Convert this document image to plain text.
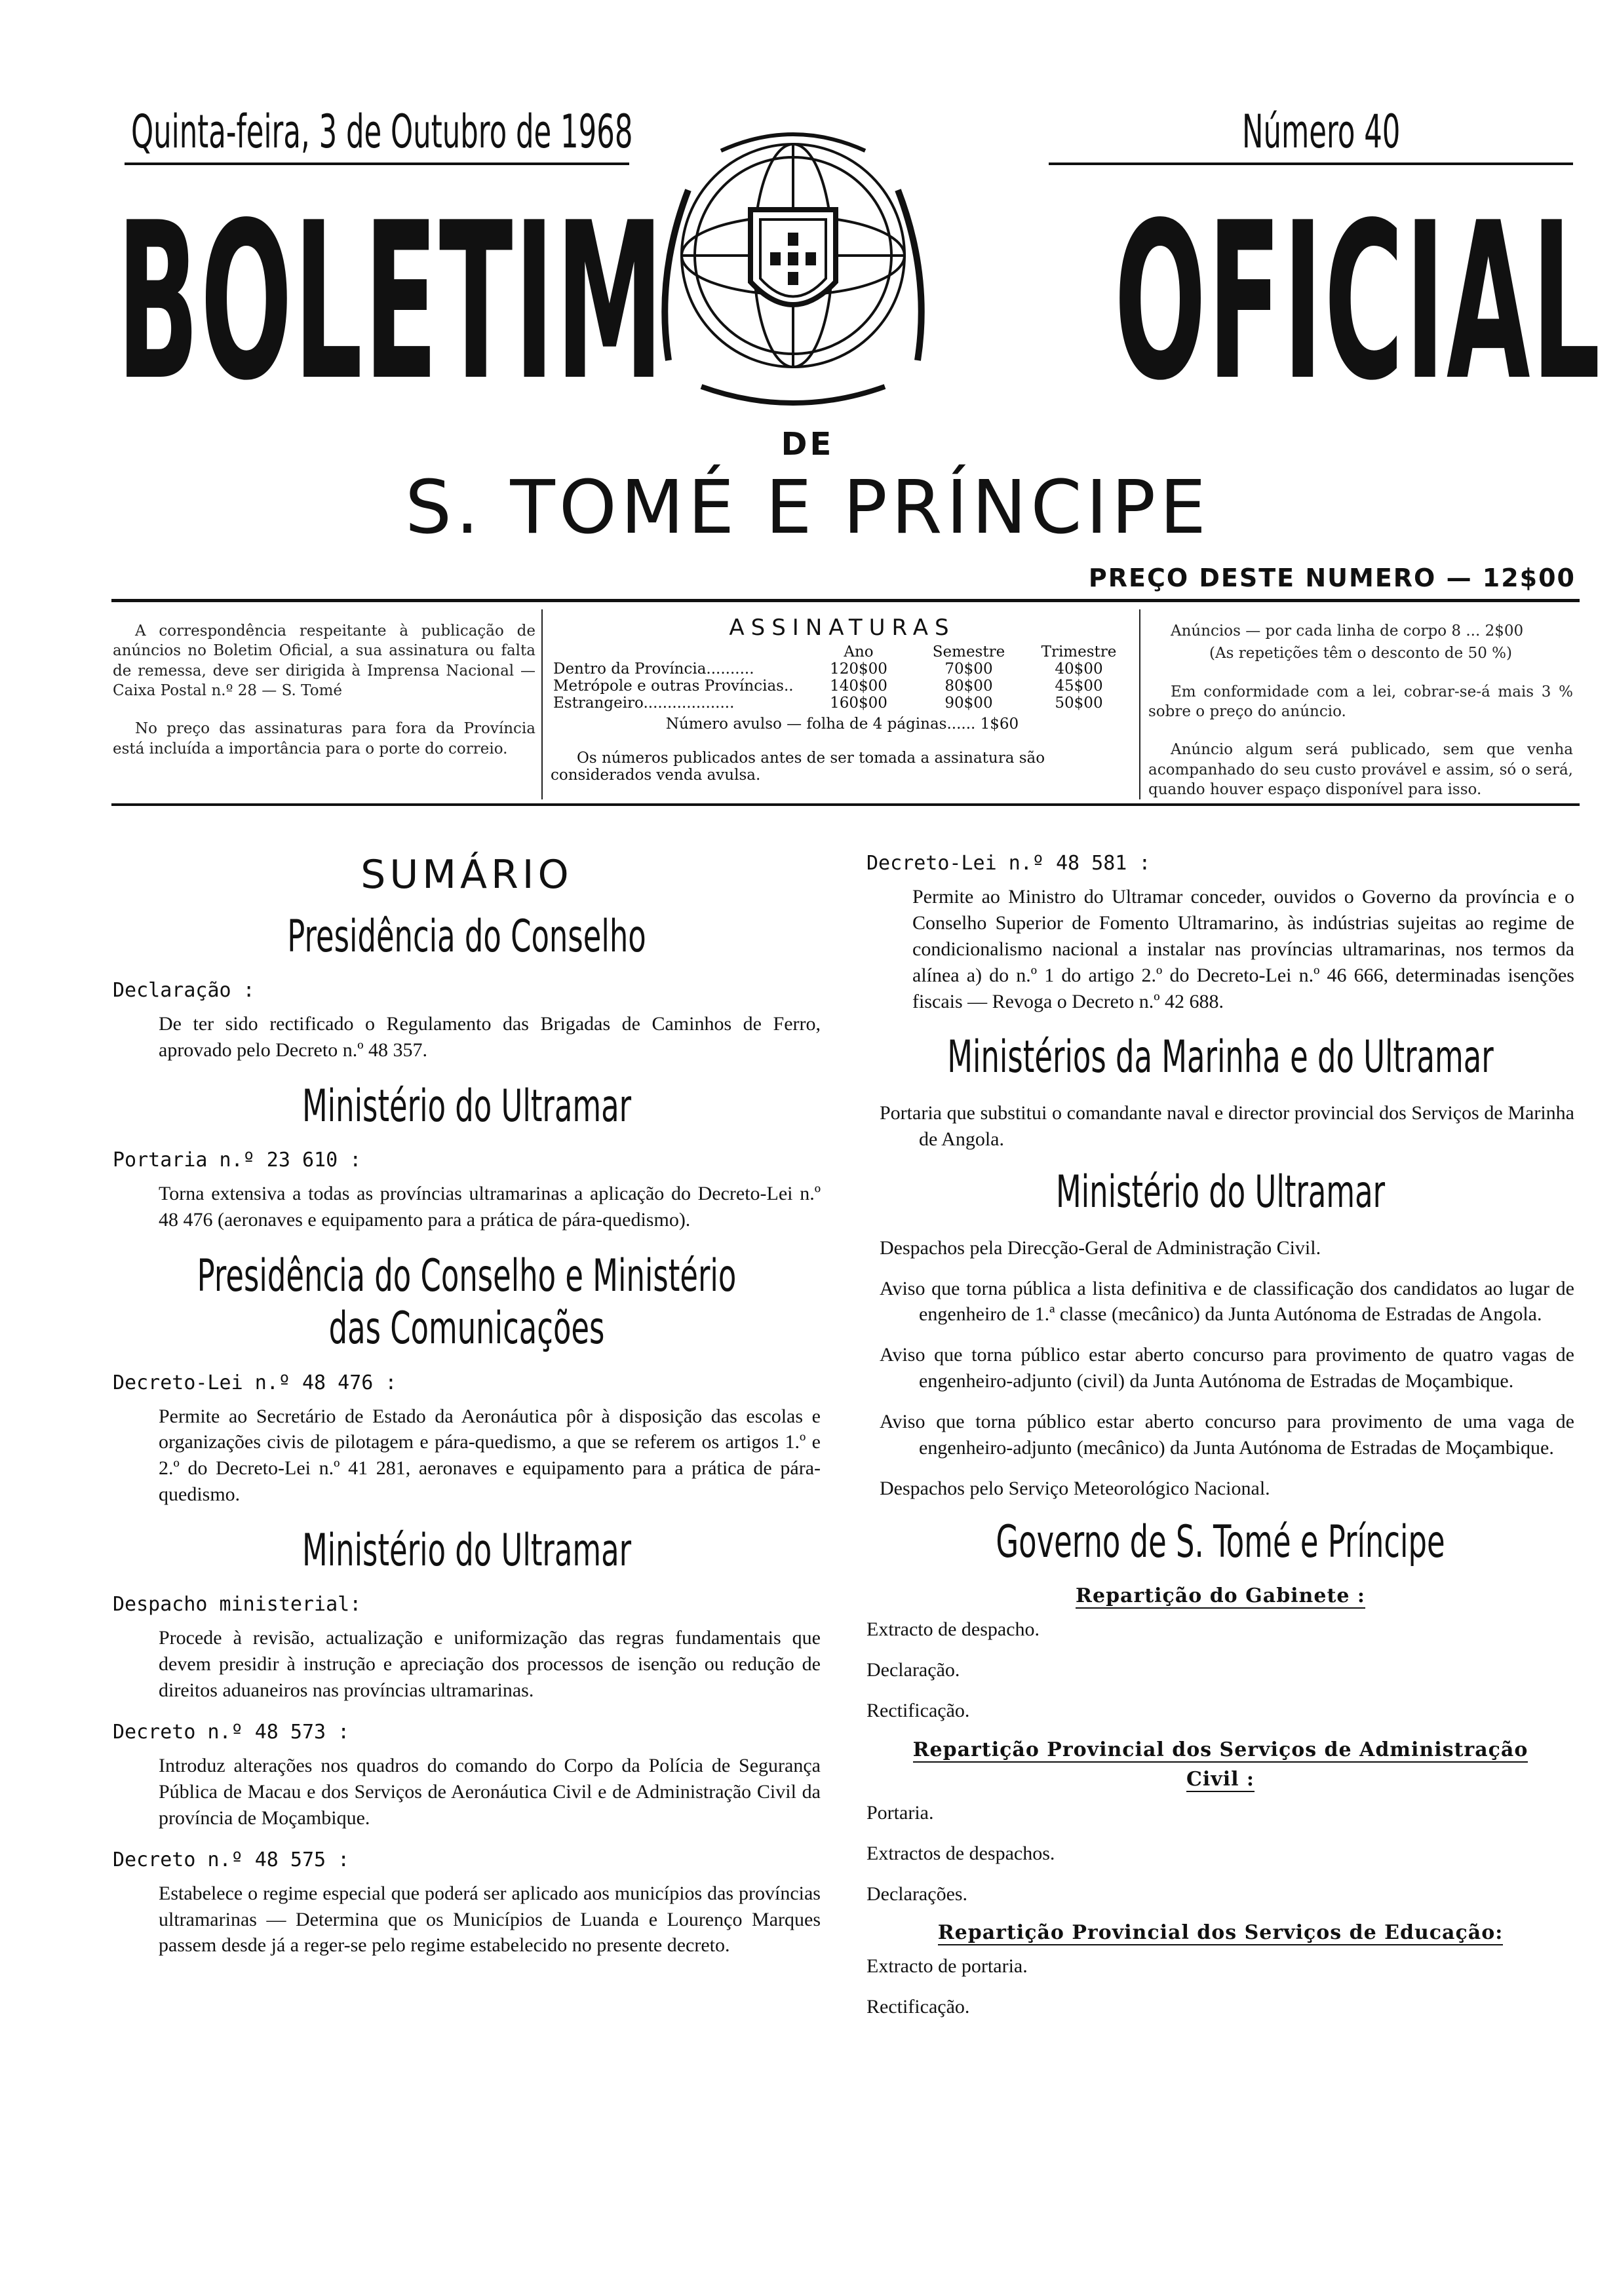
Quinta-feira, 3 de Outubro de 1968	Número 40
BOLETIM OFICIAL
DE
S. TOMÉ E PRÍNCIPE
PREÇO DESTE NUMERO — 12$00

A correspondência respeitante à publicação de anúncios no Boletim Oficial, a sua assinatura ou falta de remessa, deve ser dirigida à Imprensa Nacional — Caixa Postal n.º 28 — S. Tomé

No preço das assinaturas para fora da Província está incluída a importância para o porte do correio.

ASSINATURAS
	Ano	Semestre	Trimestre
Dentro da Província..........	120$00	70$00	40$00
Metrópole e outras Províncias..	140$00	80$00	45$00
Estrangeiro...................	160$00	90$00	50$00
Número avulso — folha de 4 páginas...... 1$60
Os números publicados antes de ser tomada a assinatura são considerados venda avulsa.

Anúncios — por cada linha de corpo 8 ... 2$00

(As repetições têm o desconto de 50 %)

Em conformidade com a lei, cobrar-se-á mais 3 % sobre o preço do anúncio.

Anúncio algum será publicado, sem que venha acompanhado do seu custo provável e assim, só o será, quando houver espaço disponível para isso.

SUMÁRIO
Presidência do Conselho
Declaração :
De ter sido rectificado o Regulamento das Brigadas de Caminhos de Ferro, aprovado pelo Decreto n.º 48 357.
Ministério do Ultramar
Portaria n.º 23 610 :
Torna extensiva a todas as províncias ultramarinas a aplicação do Decreto-Lei n.º 48 476 (aeronaves e equipamento para a prática de pára-quedismo).
Presidência do Conselho e Ministério
das Comunicações
Decreto-Lei n.º 48 476 :
Permite ao Secretário de Estado da Aeronáutica pôr à disposição das escolas e organizações civis de pilotagem e pára-quedismo, a que se referem os artigos 1.º e 2.º do Decreto-Lei n.º 41 281, aeronaves e equipamento para a prática de pára-quedismo.
Ministério do Ultramar
Despacho ministerial:
Procede à revisão, actualização e uniformização das regras fundamentais que devem presidir à instrução e apreciação dos processos de isenção ou redução de direitos aduaneiros nas províncias ultramarinas.
Decreto n.º 48 573 :
Introduz alterações nos quadros do comando do Corpo da Polícia de Segurança Pública de Macau e dos Serviços de Aeronáutica Civil e de Administração Civil da província de Moçambique.
Decreto n.º 48 575 :
Estabelece o regime especial que poderá ser aplicado aos municípios das províncias ultramarinas — Determina que os Municípios de Luanda e Lourenço Marques passem desde já a reger-se pelo regime estabelecido no presente decreto.
Decreto-Lei n.º 48 581 :
Permite ao Ministro do Ultramar conceder, ouvidos o Governo da província e o Conselho Superior de Fomento Ultramarino, às indústrias sujeitas ao regime de condicionalismo nacional a instalar nas províncias ultramarinas, nos termos da alínea a) do n.º 1 do artigo 2.º do Decreto-Lei n.º 46 666, determinadas isenções fiscais — Revoga o Decreto n.º 42 688.
Ministérios da Marinha e do Ultramar
Portaria que substitui o comandante naval e director provincial dos Serviços de Marinha de Angola.
Ministério do Ultramar
Despachos pela Direcção-Geral de Administração Civil.
Aviso que torna pública a lista definitiva e de classificação dos candidatos ao lugar de engenheiro de 1.ª classe (mecânico) da Junta Autónoma de Estradas de Angola.
Aviso que torna público estar aberto concurso para provimento de quatro vagas de engenheiro-adjunto (civil) da Junta Autónoma de Estradas de Moçambique.
Aviso que torna público estar aberto concurso para provimento de uma vaga de engenheiro-adjunto (mecânico) da Junta Autónoma de Estradas de Moçambique.
Despachos pelo Serviço Meteorológico Nacional.
Governo de S. Tomé e Príncipe
Repartição do Gabinete :
Extracto de despacho.
Declaração.
Rectificação.
Repartição Provincial dos Serviços de Administração
Civil :
Portaria.
Extractos de despachos.
Declarações.
Repartição Provincial dos Serviços de Educação:
Extracto de portaria.
Rectificação.
